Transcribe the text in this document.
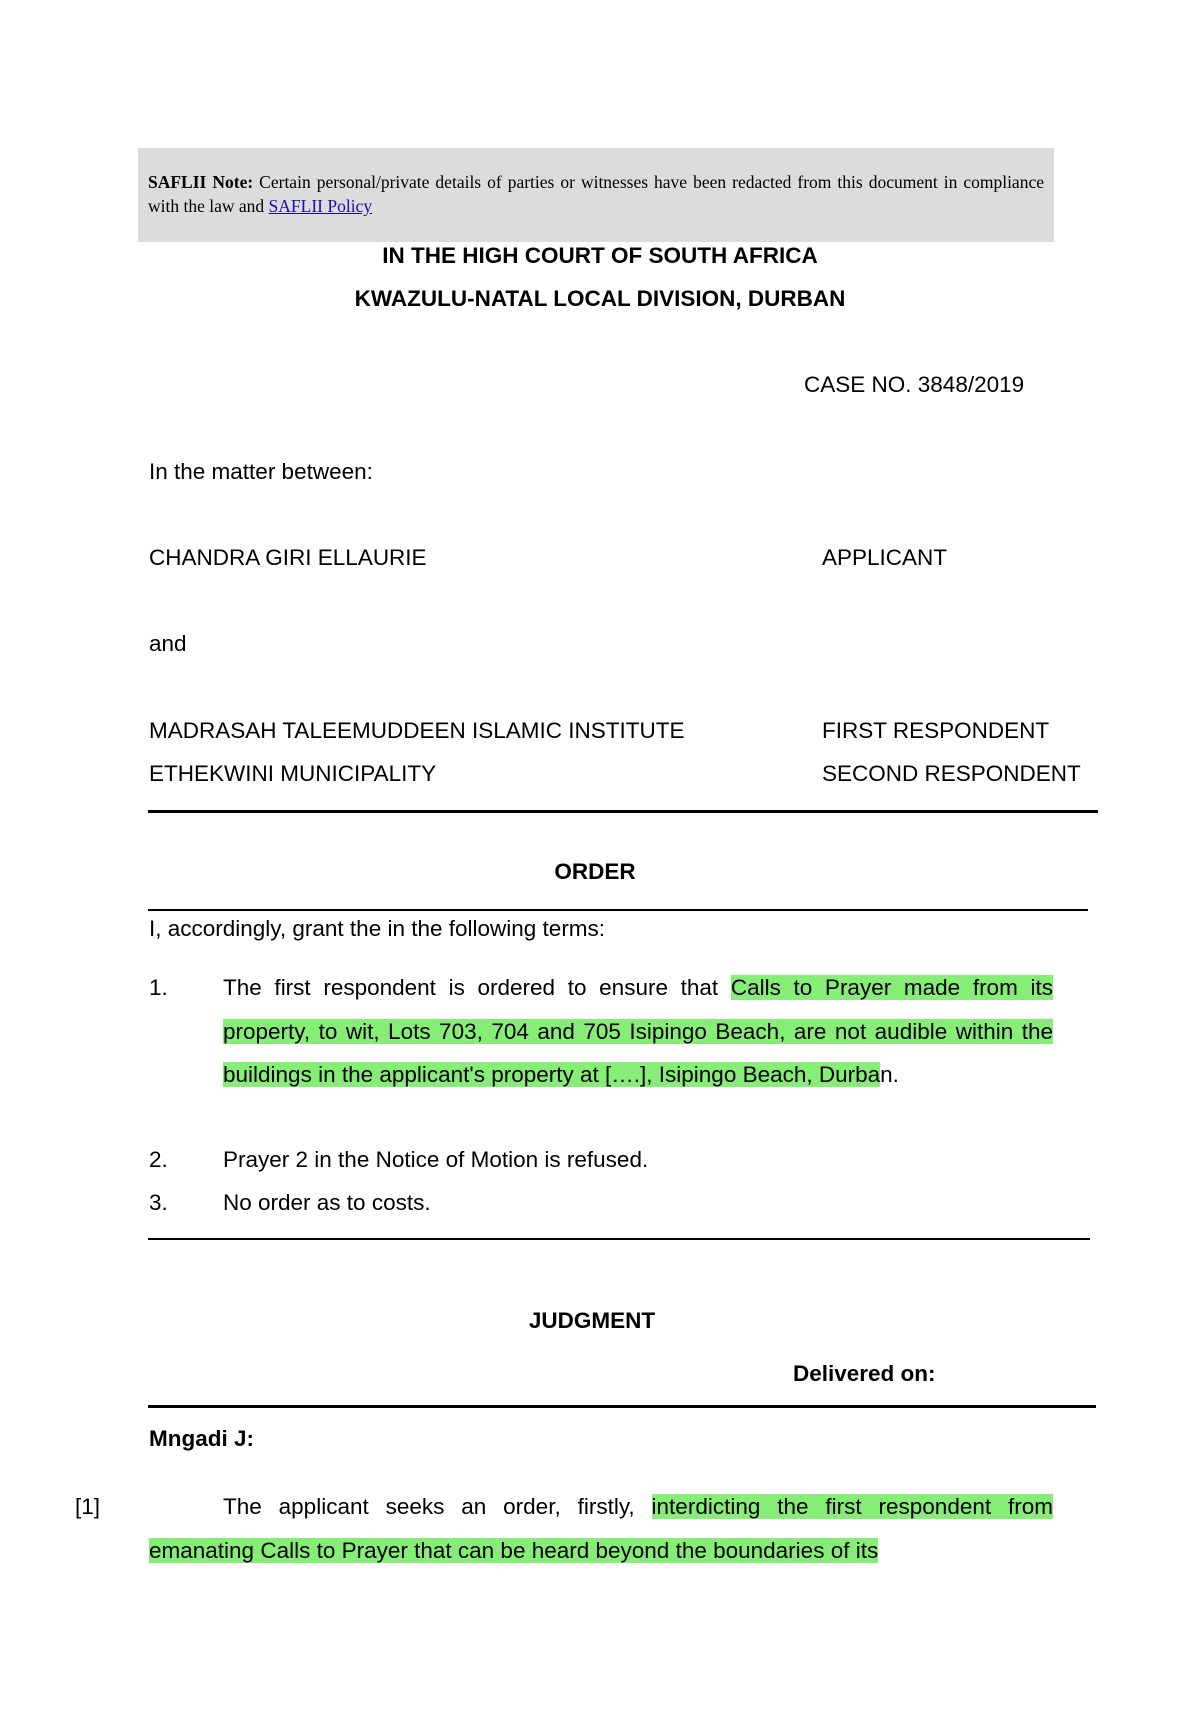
SAFLII Note: Certain personal/private details of parties or witnesses have been redacted from this document in compliance with the law and SAFLII Policy
IN THE HIGH COURT OF SOUTH AFRICA
KWAZULU-NATAL LOCAL DIVISION, DURBAN
CASE NO. 3848/2019
In the matter between:
CHANDRA GIRI ELLAURIE	APPLICANT
and
MADRASAH TALEEMUDDEEN ISLAMIC INSTITUTE	FIRST RESPONDENT
ETHEKWINI MUNICIPALITY	SECOND RESPONDENT
ORDER
I, accordingly, grant the in the following terms:
1. The first respondent is ordered to ensure that Calls to Prayer made from its property, to wit, Lots 703, 704 and 705 Isipingo Beach, are not audible within the buildings in the applicant's property at [….], Isipingo Beach, Durban.
2. Prayer 2 in the Notice of Motion is refused.
3. No order as to costs.
JUDGMENT
Delivered on:
Mngadi J:
[1]	The applicant seeks an order, firstly, interdicting the first respondent from emanating Calls to Prayer that can be heard beyond the boundaries of its
